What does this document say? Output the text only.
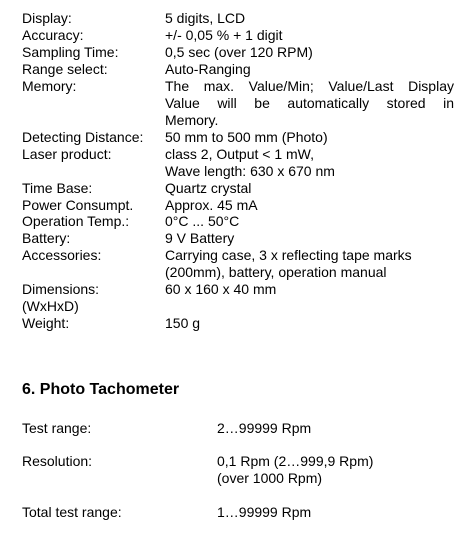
Display:	5 digits, LCD
Accuracy:	+/- 0,05 % + 1 digit
Sampling Time:	0,5 sec (over 120 RPM)
Range select:	Auto-Ranging
Memory:	The max. Value/Min; Value/Last Display
Value will be automatically stored in
Memory.
Detecting Distance: 50 mm to 500 mm (Photo)
Laser product:	class 2, Output < 1 mW,
Wave length: 630 x 670 nm
Time Base:	Quartz crystal
Power Consumpt. Approx. 45 mA
Operation Temp.:	0°C ... 50°C
Battery:	9 V Battery
Accessories:	Carrying case, 3 x reflecting tape marks
(200mm), battery, operation manual
Dimensions:	60 x 160 x 40 mm
(WxHxD)
Weight:	150 g
6. Photo Tachometer
Test range:	2…99999 Rpm
Resolution:	0,1 Rpm (2…999,9 Rpm)
(over 1000 Rpm)
Total test range:	1…99999 Rpm
